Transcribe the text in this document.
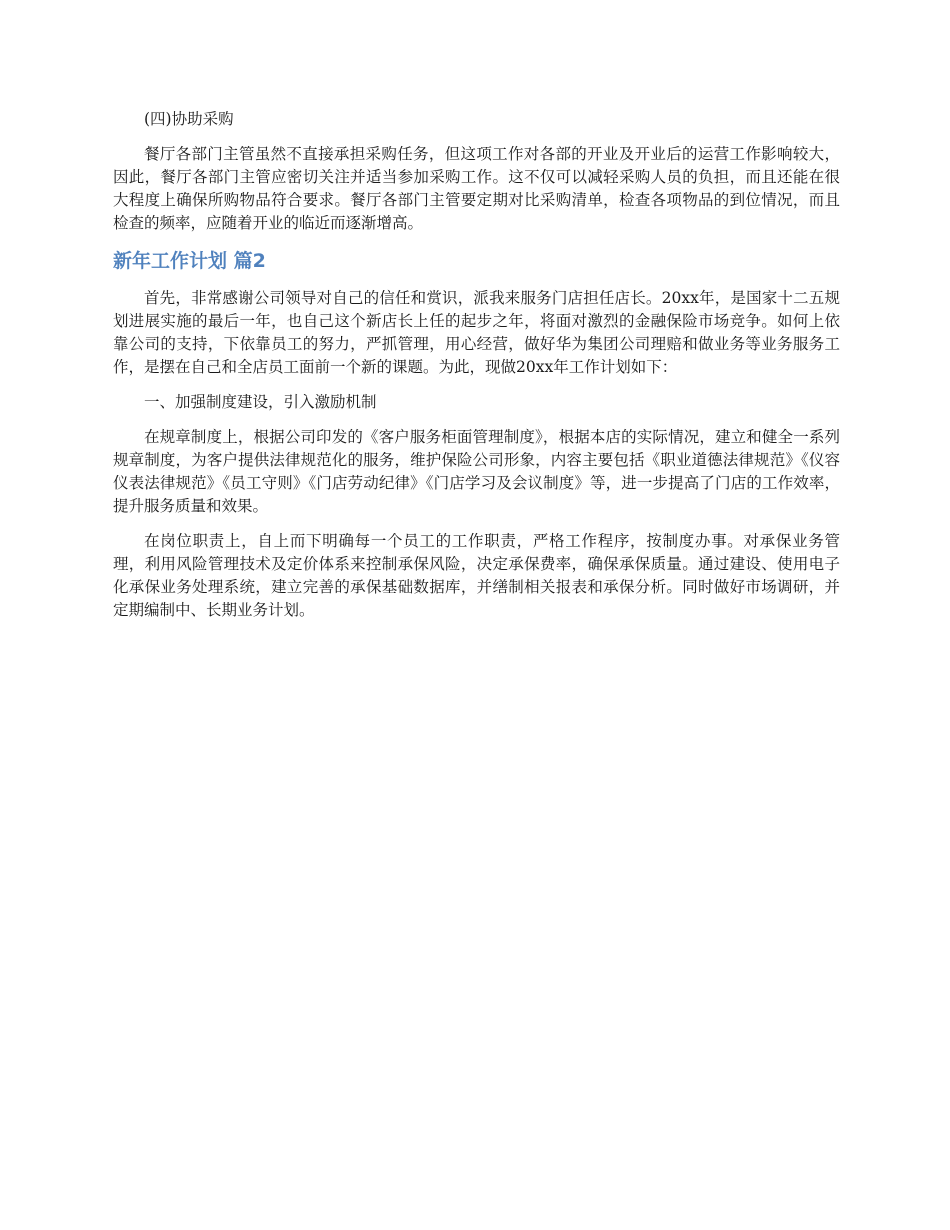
(四)协助采购

餐厅各部门主管虽然不直接承担采购任务，但这项工作对各部的开业及开业后的运营工作影响较大，因此，餐厅各部门主管应密切关注并适当参加采购工作。这不仅可以减轻采购人员的负担，而且还能在很大程度上确保所购物品符合要求。餐厅各部门主管要定期对比采购清单，检查各项物品的到位情况，而且检查的频率，应随着开业的临近而逐渐增高。

新年工作计划 篇2

首先，非常感谢公司领导对自己的信任和赏识，派我来服务门店担任店长。20xx年，是国家十二五规划进展实施的最后一年，也自己这个新店长上任的起步之年，将面对激烈的金融保险市场竞争。如何上依靠公司的支持，下依靠员工的努力，严抓管理，用心经营，做好华为集团公司理赔和做业务等业务服务工作，是摆在自己和全店员工面前一个新的课题。为此，现做20xx年工作计划如下：

一、加强制度建设，引入激励机制

在规章制度上，根据公司印发的《客户服务柜面管理制度》，根据本店的实际情况，建立和健全一系列规章制度，为客户提供法律规范化的服务，维护保险公司形象，内容主要包括《职业道德法律规范》《仪容仪表法律规范》《员工守则》《门店劳动纪律》《门店学习及会议制度》等，进一步提高了门店的工作效率，提升服务质量和效果。

在岗位职责上，自上而下明确每一个员工的工作职责，严格工作程序，按制度办事。对承保业务管理，利用风险管理技术及定价体系来控制承保风险，决定承保费率，确保承保质量。通过建设、使用电子化承保业务处理系统，建立完善的承保基础数据库，并缮制相关报表和承保分析。同时做好市场调研，并定期编制中、长期业务计划。
